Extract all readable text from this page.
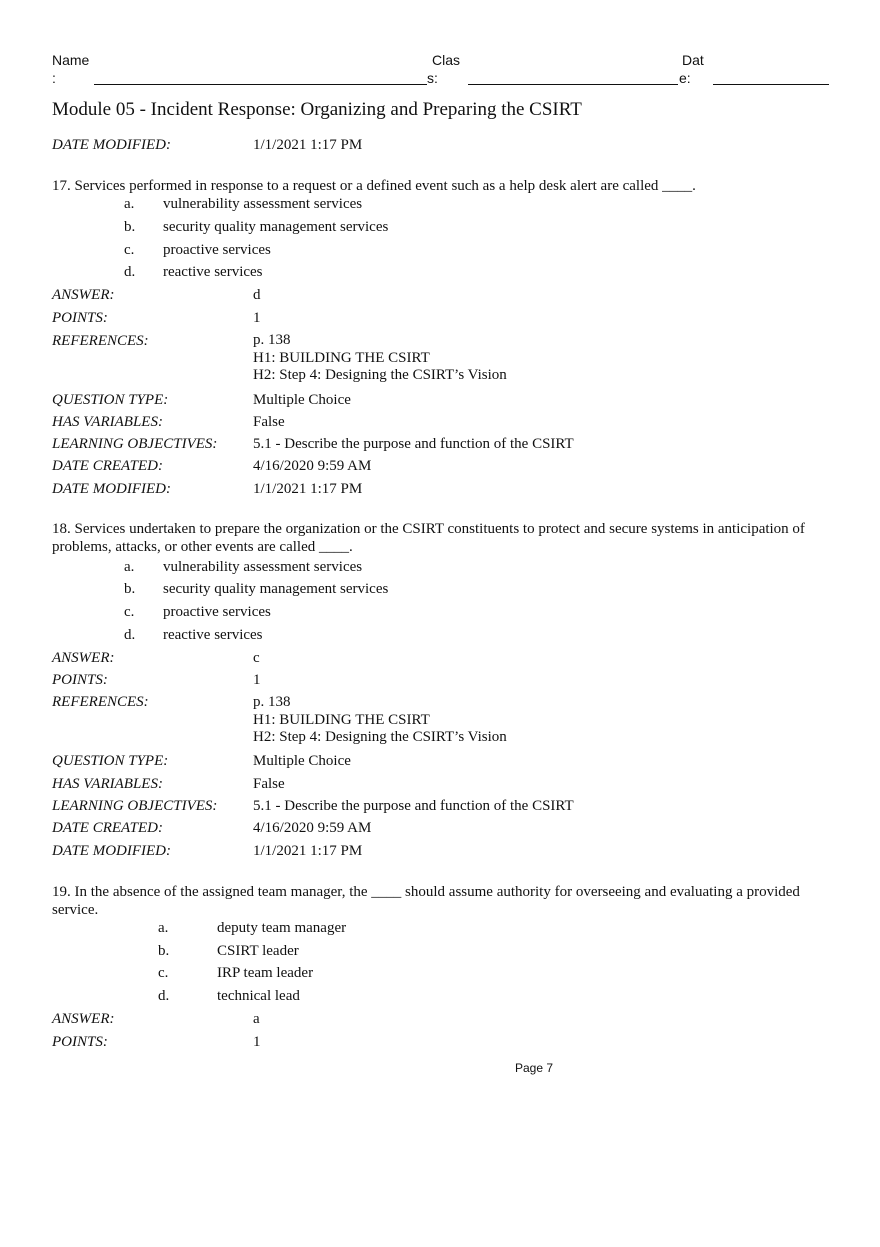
Name
:
Clas
s:
Dat
e:
Module 05 - Incident Response: Organizing and Preparing the CSIRT
DATE MODIFIED:	1/1/2021 1:17 PM
17. Services performed in response to a request or a defined event such as a help desk alert are called ____.
a. vulnerability assessment services
b. security quality management services
c. proactive services
d. reactive services
ANSWER:	d
POINTS:	1
REFERENCES:	p. 138
H1: BUILDING THE CSIRT
H2: Step 4: Designing the CSIRT’s Vision
QUESTION TYPE:	Multiple Choice
HAS VARIABLES:	False
LEARNING OBJECTIVES: 5.1 - Describe the purpose and function of the CSIRT
DATE CREATED:	4/16/2020 9:59 AM
DATE MODIFIED:	1/1/2021 1:17 PM
18. Services undertaken to prepare the organization or the CSIRT constituents to protect and secure systems in anticipation of problems, attacks, or other events are called ____.
a. vulnerability assessment services
b. security quality management services
c. proactive services
d. reactive services
ANSWER:	c
POINTS:	1
REFERENCES:	p. 138
H1: BUILDING THE CSIRT
H2: Step 4: Designing the CSIRT’s Vision
QUESTION TYPE:	Multiple Choice
HAS VARIABLES:	False
LEARNING OBJECTIVES: 5.1 - Describe the purpose and function of the CSIRT
DATE CREATED:	4/16/2020 9:59 AM
DATE MODIFIED:	1/1/2021 1:17 PM
19. In the absence of the assigned team manager, the ____ should assume authority for overseeing and evaluating a provided service.
a.	deputy team manager
b.	CSIRT leader
c.	IRP team leader
d.	technical lead
ANSWER:	a
POINTS:	1
Page 7
